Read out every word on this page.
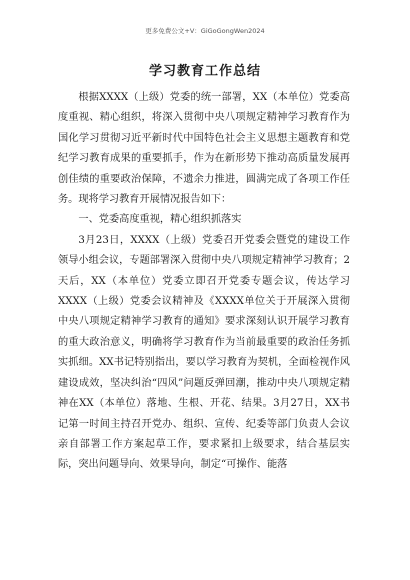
更多免费公文+V：GiGoGongWen2024
学习教育工作总结

根据XXXX（上级）党委的统一部署，XX（本单位）党委高度重视、精心组织，将深入贯彻中央八项规定精神学习教育作为国化学习贯彻习近平新时代中国特色社会主义思想主题教育和党纪学习教育成果的重要抓手，作为在新形势下推动高质量发展再创佳绩的重要政治保障，不遗余力推进，圆满完成了各项工作任务。现将学习教育开展情况报告如下：

一、党委高度重视，精心组织抓落实

3月23日，XXXX（上级）党委召开党委会暨党的建设工作领导小组会议，专题部署深入贯彻中央八项规定精神学习教育；2天后，XX（本单位）党委立即召开党委专题会议，传达学习XXXX（上级）党委会议精神及《XXXX单位关于开展深入贯彻中央八项规定精神学习教育的通知》要求深刻认识开展学习教育的重大政治意义，明确将学习教育作为当前最重要的政治任务抓实抓细。XX书记特别指出，要以学习教育为契机，全面检视作风建设成效，坚决纠治“四风”问题反弹回潮，推动中央八项规定精神在XX（本单位）落地、生根、开花、结果。3月27日，XX书记第一时间主持召开党办、组织、宣传、纪委等部门负责人会议亲自部署工作方案起草工作，要求紧扣上级要求，结合基层实际，突出问题导向、效果导向，制定“可操作、能落
